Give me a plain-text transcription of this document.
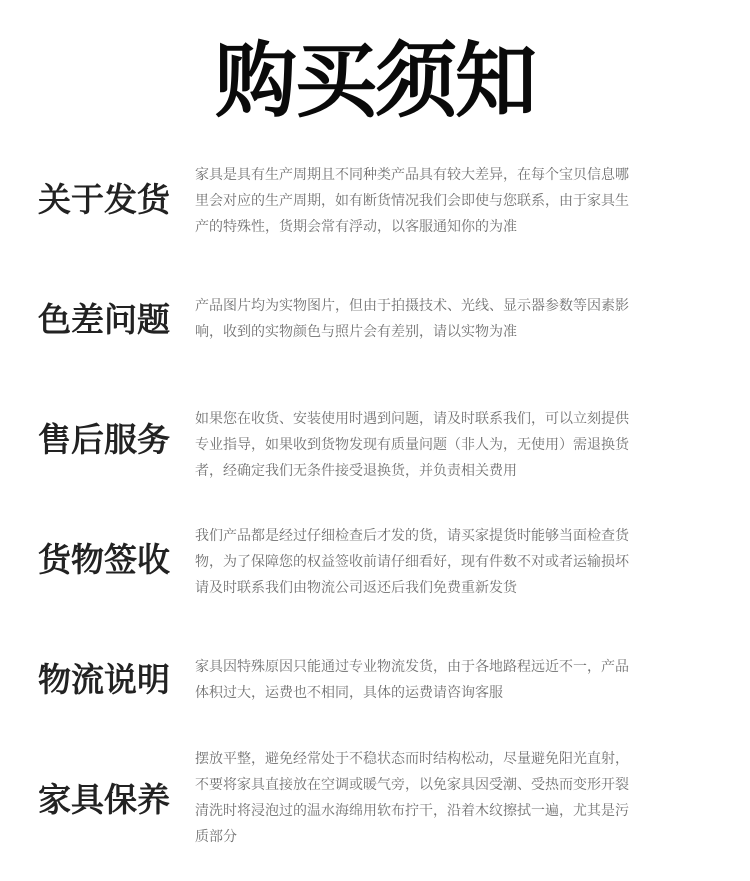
购买须知
关于发货
家具是具有生产周期且不同种类产品具有较大差异，在每个宝贝信息哪
里会对应的生产周期，如有断货情况我们会即使与您联系，由于家具生
产的特殊性，货期会常有浮动，以客服通知你的为准
色差问题	产品图片均为实物图片，但由于拍摄技术、光线、显示器参数等因素影
响，收到的实物颜色与照片会有差别，请以实物为准
售后服务
如果您在收货、安装使用时遇到问题，请及时联系我们，可以立刻提供
专业指导，如果收到货物发现有质量问题（非人为，无使用）需退换货
者，经确定我们无条件接受退换货，并负责相关费用
货物签收
我们产品都是经过仔细检查后才发的货，请买家提货时能够当面检查货
物，为了保障您的权益签收前请仔细看好，现有件数不对或者运输损坏
请及时联系我们由物流公司返还后我们免费重新发货
物流说明	家具因特殊原因只能通过专业物流发货，由于各地路程远近不一，产品
体积过大，运费也不相同，具体的运费请咨询客服
家具保养
摆放平整，避免经常处于不稳状态而时结构松动，尽量避免阳光直射，
不要将家具直接放在空调或暖气旁，以免家具因受潮、受热而变形开裂
清洗时将浸泡过的温水海绵用软布拧干，沿着木纹擦拭一遍，尤其是污
质部分
